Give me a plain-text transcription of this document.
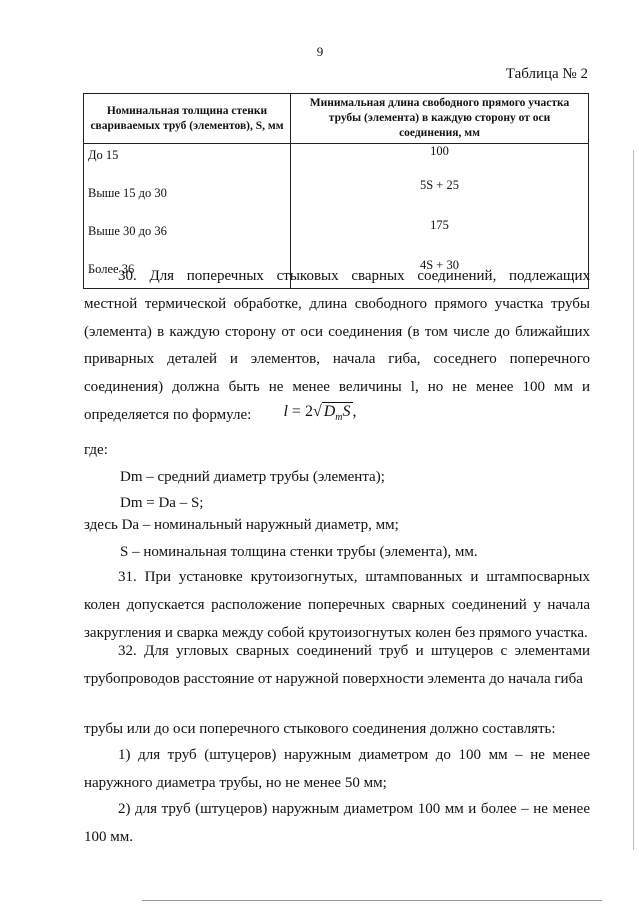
9
Таблица № 2
Номинальная толщина стенки свариваемых труб (элементов), S, мм	Минимальная длина свободного прямого участка трубы (элемента) в каждую сторону от оси соединения, мм
До 15	100
Выше 15 до 30	5S + 25
Выше 30 до 36	175
Более 36	4S + 30
30. Для поперечных стыковых сварных соединений, подлежащих местной термической обработке, длина свободного прямого участка трубы (элемента) в каждую сторону от оси соединения (в том числе до ближайших приварных деталей и элементов, начала гиба, соседнего поперечного соединения) должна быть не менее величины l, но не менее 100 мм и определяется по формуле:	l = 2√ $D_mS$ ,
где:
Dm – средний диаметр трубы (элемента);
Dm = Da – S;
здесь Da – номинальный наружный диаметр, мм;
S – номинальная толщина стенки трубы (элемента), мм.
31. При установке крутоизогнутых, штампованных и штампосварных колен допускается расположение поперечных сварных соединений у начала закругления и сварка между собой крутоизогнутых колен без прямого участка.
32. Для угловых сварных соединений труб и штуцеров с элементами трубопроводов расстояние от наружной поверхности элемента до начала гиба
трубы или до оси поперечного стыкового соединения должно составлять:
1) для труб (штуцеров) наружным диаметром до 100 мм – не менее наружного диаметра трубы, но не менее 50 мм;
2) для труб (штуцеров) наружным диаметром 100 мм и более – не менее 100 мм.
